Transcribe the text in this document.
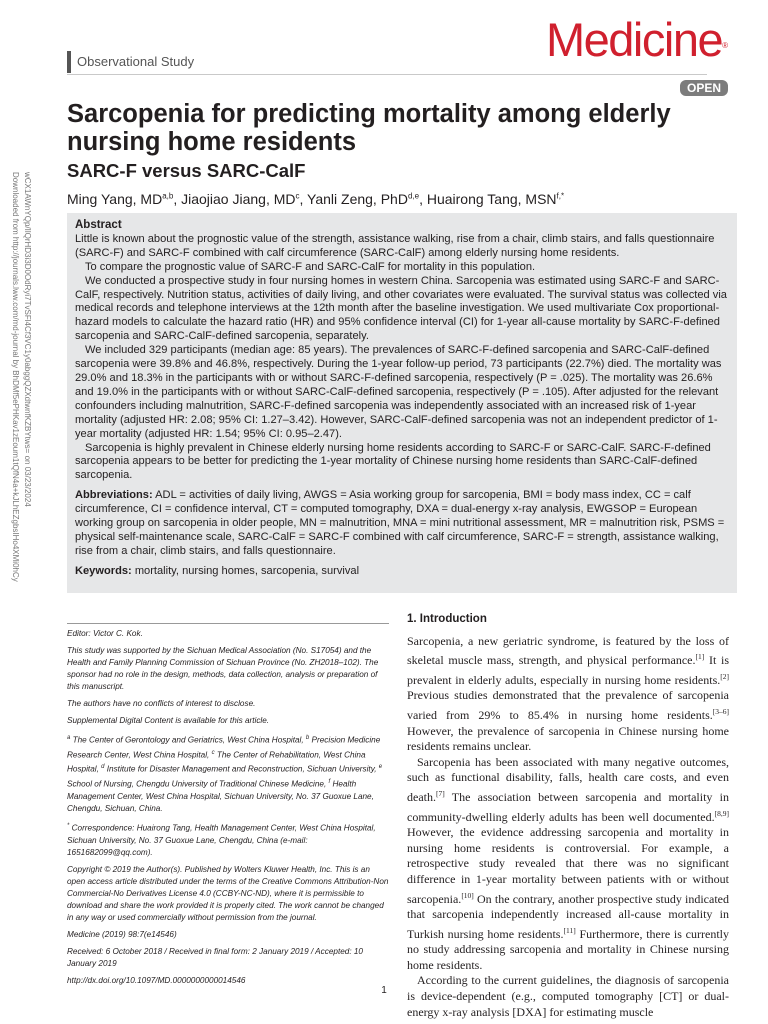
Observational Study	Medicine®
OPEN
Downloaded from http://journals.lww.com/md-journal by BhDMf5ePHKav1zEoum1tQfN4a+kJLhEZgbsIHo4XMi0hCy wCX1AWnYQp/IlQrHD3i3D0OdRyi7TvSFl4Cf3VC1y0abggQZXdtwnfKZBYtws= on 03/23/2024
Sarcopenia for predicting mortality among elderly nursing home residents
SARC-F versus SARC-CalF
Ming Yang, MD$^{a,b}$, Jiaojiao Jiang, $MD^c$, Yanli Zeng, PhD$^{d,e}$, Huairong Tang, $MSN^{f,*}$
Abstract

Little is known about the prognostic value of the strength, assistance walking, rise from a chair, climb stairs, and falls questionnaire (SARC-F) and SARC-F combined with calf circumference (SARC-CalF) among elderly nursing home residents.

To compare the prognostic value of SARC-F and SARC-CalF for mortality in this population.

We conducted a prospective study in four nursing homes in western China. Sarcopenia was estimated using SARC-F and SARC-CalF, respectively. Nutrition status, activities of daily living, and other covariates were evaluated. The survival status was collected via medical records and telephone interviews at the 12th month after the baseline investigation. We used multivariate Cox proportional-hazard models to calculate the hazard ratio (HR) and 95% confidence interval (CI) for 1-year all-cause mortality by SARC-F-defined sarcopenia and SARC-CalF-defined sarcopenia, separately.

We included 329 participants (median age: 85 years). The prevalences of SARC-F-defined sarcopenia and SARC-CalF-defined sarcopenia were 39.8% and 46.8%, respectively. During the 1-year follow-up period, 73 participants (22.7%) died. The mortality was 29.0% and 18.3% in the participants with or without SARC-F-defined sarcopenia, respectively (P = .025). The mortality was 26.6% and 19.0% in the participants with or without SARC-CalF-defined sarcopenia, respectively (P = .105). After adjusted for the relevant confounders including malnutrition, SARC-F-defined sarcopenia was independently associated with an increased risk of 1-year mortality (adjusted HR: 2.08; 95% CI: 1.27–3.42). However, SARC-CalF-defined sarcopenia was not an independent predictor of 1-year mortality (adjusted HR: 1.54; 95% CI: 0.95–2.47).

Sarcopenia is highly prevalent in Chinese elderly nursing home residents according to SARC-F or SARC-CalF. SARC-F-defined sarcopenia appears to be better for predicting the 1-year mortality of Chinese nursing home residents than SARC-CalF-defined sarcopenia.

Abbreviations: ADL = activities of daily living, AWGS = Asia working group for sarcopenia, BMI = body mass index, CC = calf circumference, CI = confidence interval, CT = computed tomography, DXA = dual-energy x-ray analysis, EWGSOP = European working group on sarcopenia in older people, MN = malnutrition, MNA = mini nutritional assessment, MR = malnutrition risk, PSMS = physical self-maintenance scale, SARC-CalF = SARC-F combined with calf circumference, SARC-F = strength, assistance walking, rise from a chair, climb stairs, and falls questionnaire.

Keywords: mortality, nursing homes, sarcopenia, survival

Editor: Victor C. Kok.

This study was supported by the Sichuan Medical Association (No. S17054) and the Health and Family Planning Commission of Sichuan Province (No. ZH2018–102). The sponsor had no role in the design, methods, data collection, analysis or preparation of this manuscript.

The authors have no conflicts of interest to disclose.

Supplemental Digital Content is available for this article.

$^a$ The Center of Gerontology and Geriatrics, West China Hospital, $^b$ Precision Medicine Research Center, West China Hospital, $^c$ The Center of Rehabilitation, West China Hospital, $^d$ Institute for Disaster Management and Reconstruction, Sichuan University, $^e$ School of Nursing, Chengdu University of Traditional Chinese Medicine, $^f$ Health Management Center, West China Hospital, Sichuan University, No. 37 Guoxue Lane, Chengdu, Sichuan, China.

* Correspondence: Huairong Tang, Health Management Center, West China Hospital, Sichuan University, No. 37 Guoxue Lane, Chengdu, China (e-mail: 1651682099@qq.com).

Copyright © 2019 the Author(s). Published by Wolters Kluwer Health, Inc. This is an open access article distributed under the terms of the Creative Commons Attribution-Non Commercial-No Derivatives License 4.0 (CCBY-NC-ND), where it is permissible to download and share the work provided it is properly cited. The work cannot be changed in any way or used commercially without permission from the journal.

Medicine (2019) 98:7(e14546)

Received: 6 October 2018 / Received in final form: 2 January 2019 / Accepted: 10 January 2019

http://dx.doi.org/10.1097/MD.0000000000014546

1. Introduction

Sarcopenia, a new geriatric syndrome, is featured by the loss of skeletal muscle mass, strength, and physical performance.[1] It is prevalent in elderly adults, especially in nursing home residents.[2] Previous studies demonstrated that the prevalence of sarcopenia varied from 29% to 85.4% in nursing home residents.[3–6] However, the prevalence of sarcopenia in Chinese nursing home residents remains unclear.

Sarcopenia has been associated with many negative outcomes, such as functional disability, falls, health care costs, and even death.[7] The association between sarcopenia and mortality in community-dwelling elderly adults has been well documented.[8,9] However, the evidence addressing sarcopenia and mortality in nursing home residents is controversial. For example, a retrospective study revealed that there was no significant difference in 1-year mortality between patients with or without sarcopenia.[10] On the contrary, another prospective study indicated that sarcopenia independently increased all-cause mortality in Turkish nursing home residents.[11] Furthermore, there is currently no study addressing sarcopenia and mortality in Chinese nursing home residents.

According to the current guidelines, the diagnosis of sarcopenia is device-dependent (e.g., computed tomography [CT] or dual-energy x-ray analysis [DXA] for estimating muscle

1
